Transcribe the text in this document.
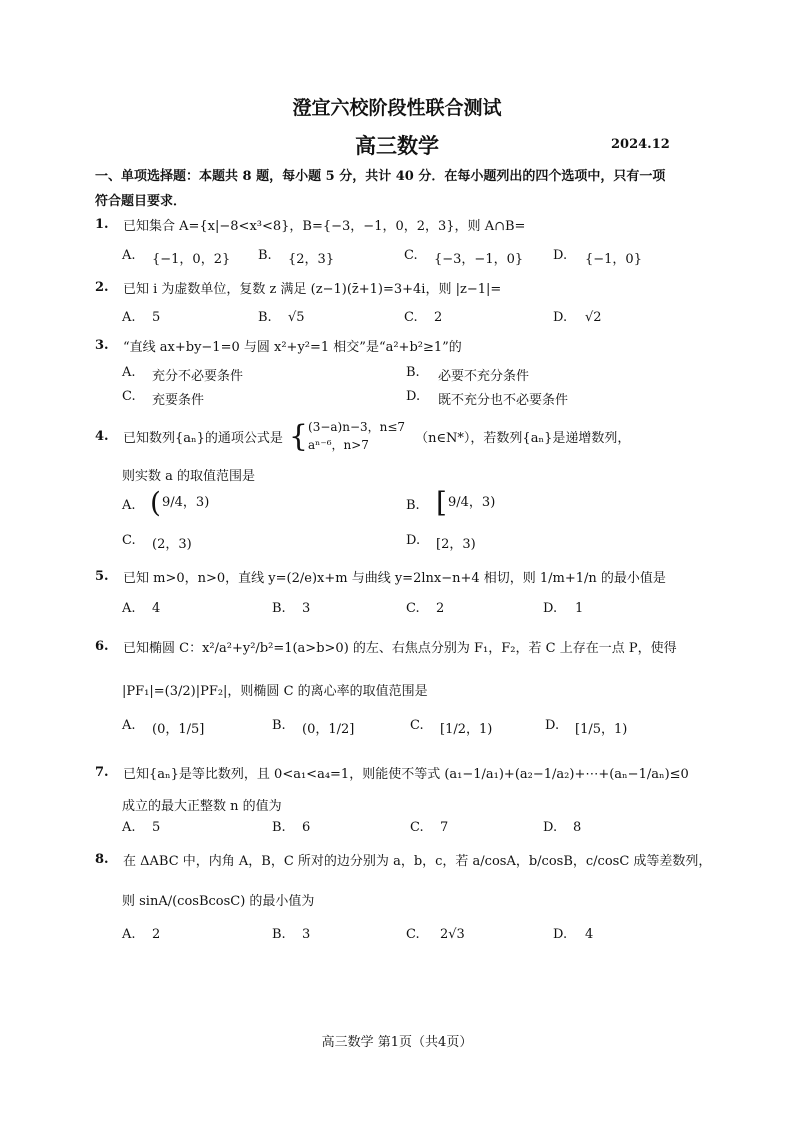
澄宜六校阶段性联合测试
高三数学	2024.12
一、单项选择题：本题共 8 题，每小题 5 分，共计 40 分．在每小题列出的四个选项中，只有一项
符合题目要求．
1.	已知集合 A={x|−8<x³<8}，B={−3，−1，0，2，3}，则 A∩B=
A. {−1，0，2} B. {2，3}	C. {−3，−1，0} D. {−1，0}
2.	已知 i 为虚数单位，复数 z 满足 (z−1)(z̄+1)=3+4i，则 |z−1|=
A. 5	B. √5	C. 2	D. √2
3.	“直线 ax+by−1=0 与圆 x²+y²=1 相交”是“a²+b²≥1”的
A. 充分不必要条件	B. 必要不充分条件
C. 充要条件	D. 既不充分也不必要条件
4.	已知数列{aₙ}的通项公式是 { (3−a)n−3，n≤7
aⁿ⁻⁶，n>7	（n∈N*），若数列{aₙ}是递增数列，
则实数 a 的取值范围是
A. ( 9/4，3)	B. [ 9/4，3)
C. (2，3)	D. [2，3)
5.	已知 m>0，n>0，直线 y=(2/e)x+m 与曲线 y=2lnx−n+4 相切，则 1/m+1/n 的最小值是
A. 4	B. 3	C. 2	D. 1
6.	已知椭圆 C：x²/a²+y²/b²=1(a>b>0) 的左、右焦点分别为 F₁，F₂，若 C 上存在一点 P，使得
|PF₁|=(3/2)|PF₂|，则椭圆 C 的离心率的取值范围是
A. (0，1/5]	B. (0，1/2]	C. [1/2，1)	D. [1/5，1)
7.	已知{aₙ}是等比数列，且 0<a₁<a₄=1，则能使不等式 (a₁−1/a₁)+(a₂−1/a₂)+⋯+(aₙ−1/aₙ)≤0
成立的最大正整数 n 的值为
A. 5	B. 6	C. 7	D. 8
8.	在 ΔABC 中，内角 A，B，C 所对的边分别为 a，b，c，若 a/cosA，b/cosB，c/cosC 成等差数列，
则 sinA/(cosBcosC) 的最小值为
A. 2	B. 3	C. 2√3	D. 4
高三数学 第1页（共4页）
